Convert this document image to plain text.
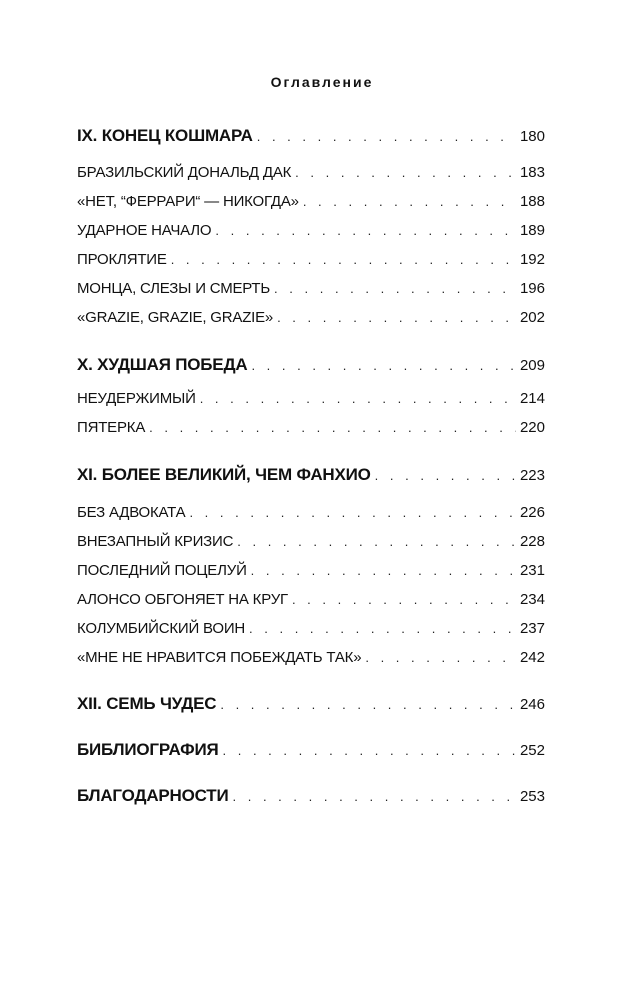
Оглавление
IX. КОНЕЦ КОШМАРА . . .	180
БРАЗИЛЬСКИЙ ДОНАЛЬД ДАК . . .	183
«НЕТ, “ФЕРРАРИ“ — НИКОГДА» . . .	188
УДАРНОЕ НАЧАЛО . . .	189
ПРОКЛЯТИЕ . . .	192
МОНЦА, СЛЕЗЫ И СМЕРТЬ . . .	196
«GRAZIE, GRAZIE, GRAZIE» . . .	202
X. ХУДШАЯ ПОБЕДА . . .	209
НЕУДЕРЖИМЫЙ . . .	214
ПЯТЕРКА . . .	220
XI. БОЛЕЕ ВЕЛИКИЙ, ЧЕМ ФАНХИО . . .	223
БЕЗ АДВОКАТА . . .	226
ВНЕЗАПНЫЙ КРИЗИС . . .	228
ПОСЛЕДНИЙ ПОЦЕЛУЙ . . .	231
АЛОНСО ОБГОНЯЕТ НА КРУГ . . .	234
КОЛУМБИЙСКИЙ ВОИН . . .	237
«МНЕ НЕ НРАВИТСЯ ПОБЕЖДАТЬ ТАК» . . .	242
XII. СЕМЬ ЧУДЕС . . .	246
БИБЛИОГРАФИЯ . . .	252
БЛАГОДАРНОСТИ . . .	253
